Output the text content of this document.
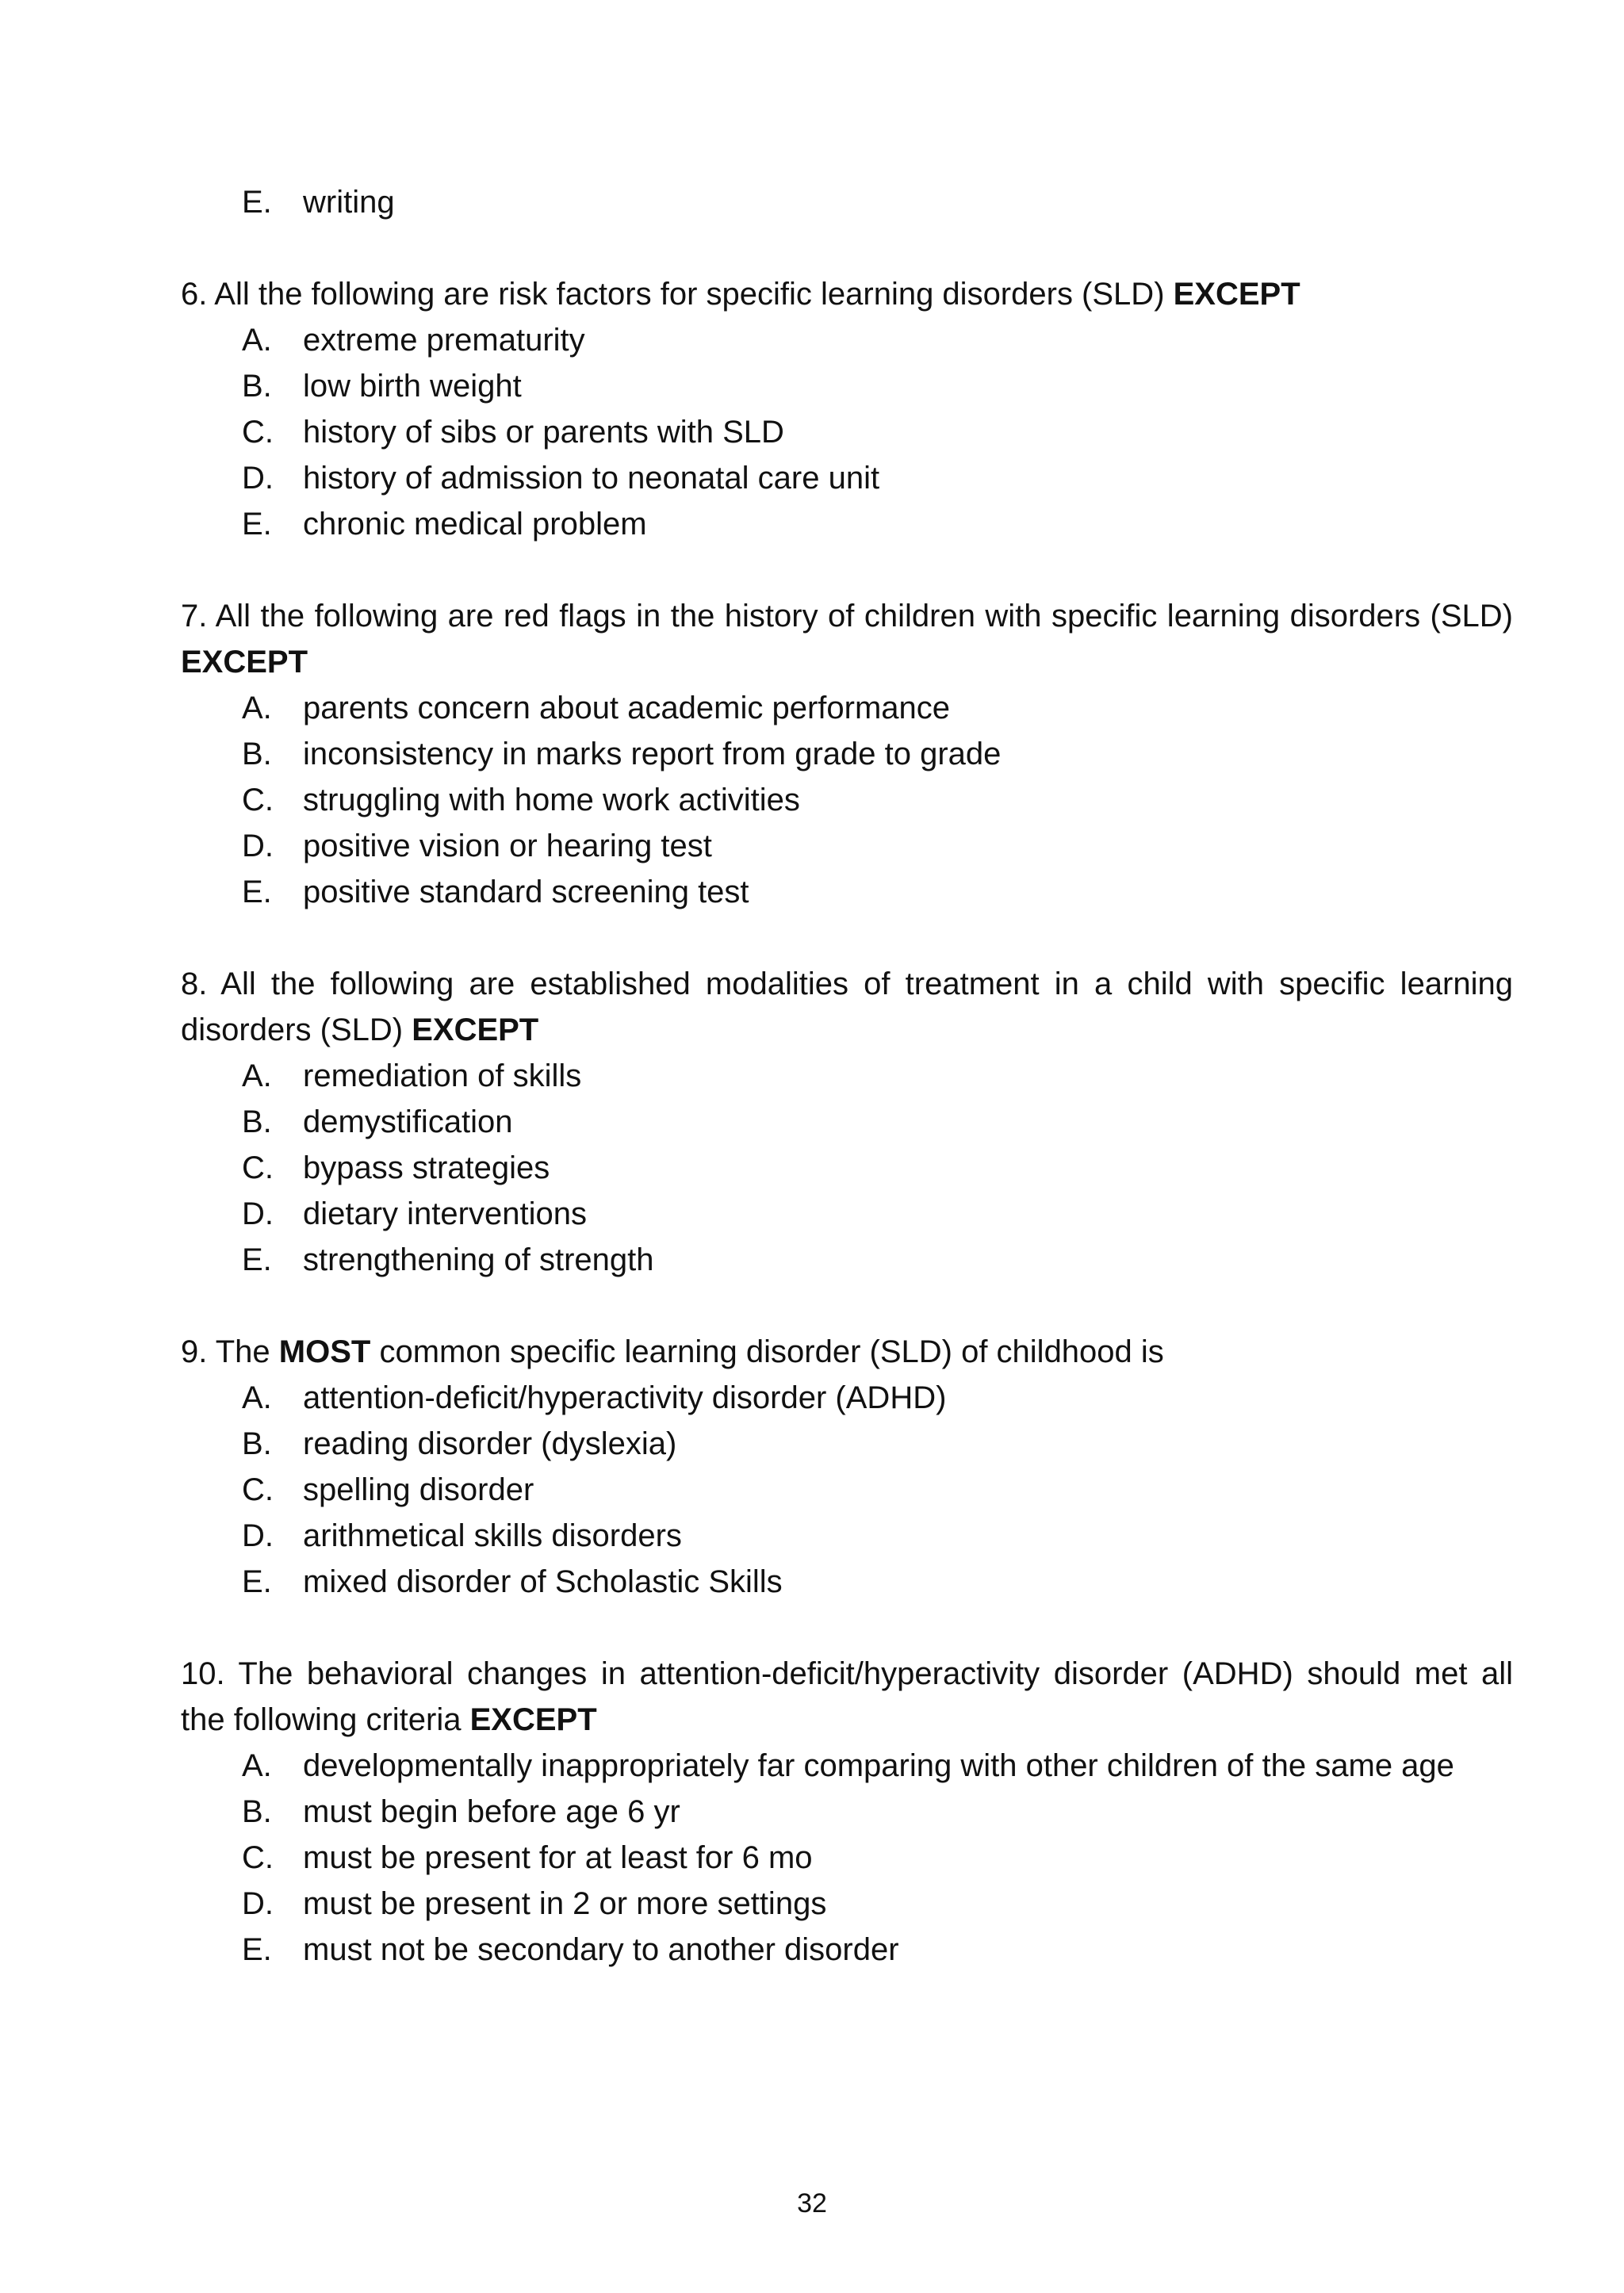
E. writing

6. All the following are risk factors for specific learning disorders (SLD) EXCEPT

A. extreme prematurity
B. low birth weight
C. history of sibs or parents with SLD
D. history of admission to neonatal care unit
E. chronic medical problem

7. All the following are red flags in the history of children with specific learning disorders (SLD) EXCEPT

A. parents concern about academic performance
B. inconsistency in marks report from grade to grade
C. struggling with home work activities
D. positive vision or hearing test
E. positive standard screening test

8. All the following are established modalities of treatment in a child with specific learning disorders (SLD) EXCEPT

A. remediation of skills
B. demystification
C. bypass strategies
D. dietary interventions
E. strengthening of strength

9. The MOST common specific learning disorder (SLD) of childhood is

A. attention-deficit/hyperactivity disorder (ADHD)
B. reading disorder (dyslexia)
C. spelling disorder
D. arithmetical skills disorders
E. mixed disorder of Scholastic Skills

10. The behavioral changes in attention-deficit/hyperactivity disorder (ADHD) should met all the following criteria EXCEPT

A. developmentally inappropriately far comparing with other children of the same age
B. must begin before age 6 yr
C. must be present for at least for 6 mo
D. must be present in 2 or more settings
E. must not be secondary to another disorder
32
